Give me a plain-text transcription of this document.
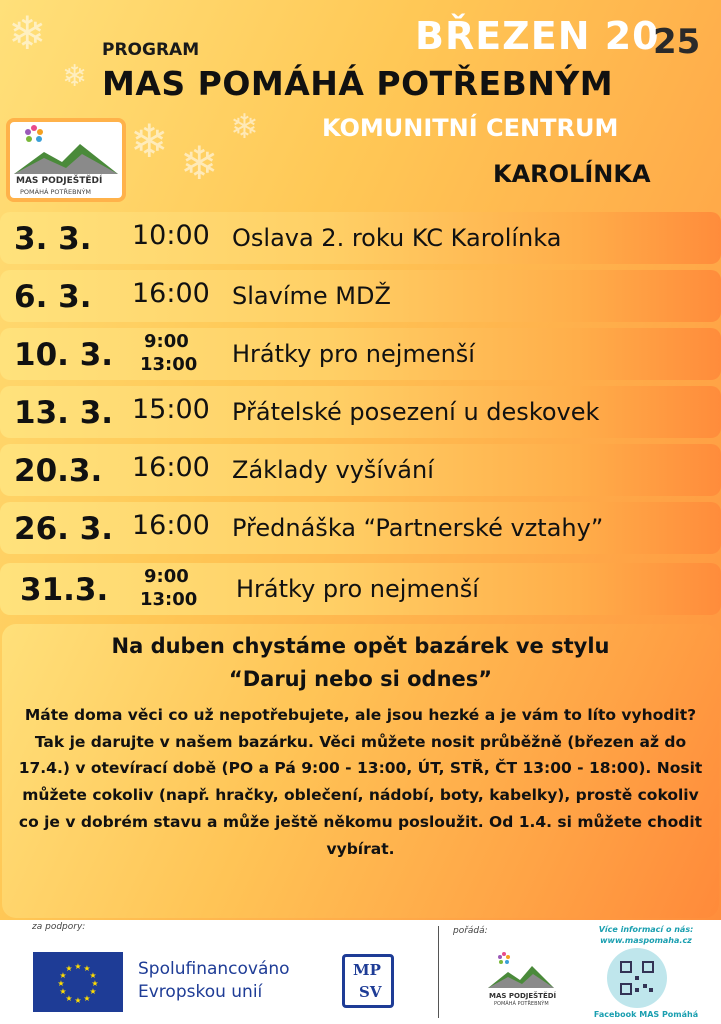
❄
❄
❄ ❄
❄
PROGRAM	BŘEZEN 20
25
MAS POMÁHÁ POTŘEBNÝM
KOMUNITNÍ CENTRUM
KAROLÍNKA
MAS PODJEŠTĚDÍ
POMÁHÁ POTŘEBNÝM
3. 3. 10:00 Oslava 2. roku KC Karolínka
6. 3. 16:00 Slavíme MDŽ
10. 3. 9:00
13:00 Hrátky pro nejmenší
13. 3. 15:00 Přátelské posezení u deskovek
20.3. 16:00 Základy vyšívání
26. 3. 16:00 Přednáška “Partnerské vztahy”
31.3. 9:00
13:00 Hrátky pro nejmenší
Na duben chystáme opět bazárek ve stylu
“Daruj nebo si odnes”
Máte doma věci co už nepotřebujete, ale jsou hezké a je vám to líto vyhodit? Tak je darujte v našem bazárku. Věci můžete nosit průběžně (březen až do 17.4.) v otevírací době (PO a Pá 9:00 - 13:00, ÚT, STŘ, ČT 13:00 - 18:00). Nosit můžete cokoliv (např. hračky, oblečení, nádobí, boty, kabelky), prostě cokoliv co je v dobrém stavu a může ještě někomu posloužit. Od 1.4. si můžete chodit vybírat.
za podpory:
★ ★
★
★
★
★
★
★
★
★
★
★	Spolufinancováno
Evropskou unií
MP
SV
pořádá:
MAS PODJEŠTĚDÍ
POMÁHÁ POTŘEBNÝM
Více informací o nás:
www.maspomaha.cz
Facebook MAS Pomáhá
